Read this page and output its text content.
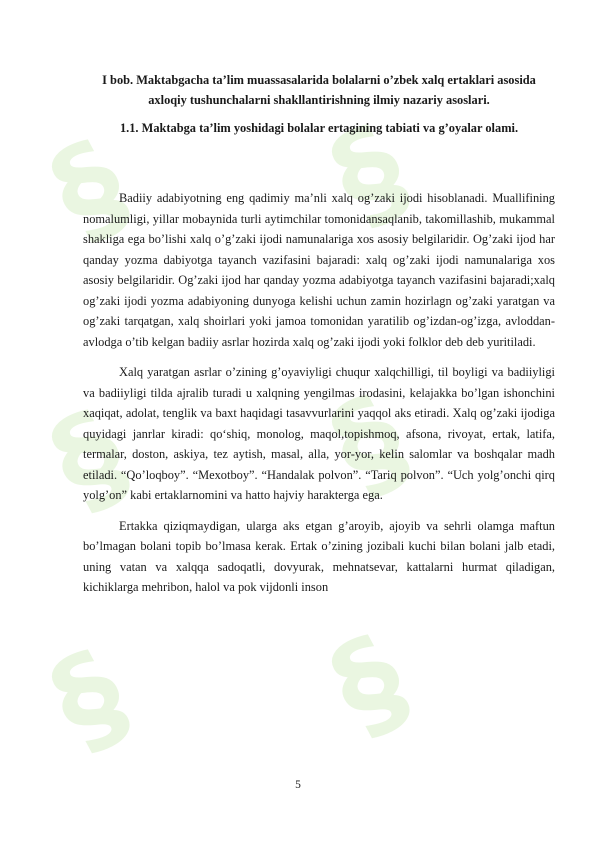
§ §
§ §
§ §

I bob. Maktabgacha ta’lim muassasalarida bolalarni o’zbek xalq ertaklari asosida axloqiy tushunchalarni shakllantirishning ilmiy nazariy asoslari.

1.1. Maktabga ta’lim yoshidagi bolalar ertagining tabiati va g’oyalar olami.

Badiiy adabiyotning eng qadimiy ma’nli xalq og’zaki ijodi hisoblanadi. Muallifining nomalumligi, yillar mobaynida turli aytimchilar tomonidansaqlanib, takomillashib, mukammal shakliga ega bo’lishi xalq o’g’zaki ijodi namunalariga xos asosiy belgilaridir. Og’zaki ijod har qanday yozma dabiyotga tayanch vazifasini bajaradi: xalq og’zaki ijodi namunalariga xos asosiy belgilaridir. Og’zaki ijod har qanday yozma adabiyotga tayanch vazifasini bajaradi;xalq og’zaki ijodi yozma adabiyoning dunyoga kelishi uchun zamin hozirlagn og’zaki yaratgan va og’zaki tarqatgan, xalq shoirlari yoki jamoa tomonidan yaratilib og’izdan-og’izga, avloddan-avlodga o’tib kelgan badiiy asrlar hozirda xalq og’zaki ijodi yoki folklor deb deb yuritiladi.

Xalq yaratgan asrlar o’zining g’oyaviyligi chuqur xalqchilligi, til boyligi va badiiyligi va badiiyligi tilda ajralib turadi u xalqning yengilmas irodasini, kelajakka bo’lgan ishonchini xaqiqat, adolat, tenglik va baxt haqidagi tasavvurlarini yaqqol aks etiradi. Xalq og’zaki ijodiga quyidagi janrlar kiradi: qo‘shiq, monolog, maqol,topishmoq, afsona, rivoyat, ertak, latifa, termalar, doston, askiya, tez aytish, masal, alla, yor-yor, kelin salomlar va boshqalar madh etiladi. “Qo’loqboy”. “Mexotboy”. “Handalak polvon”. “Tariq polvon”. “Uch yolg’onchi qirq yolg’on” kabi ertaklarnomini va hatto hajviy harakterga ega.

Ertakka qiziqmaydigan, ularga aks etgan g’aroyib, ajoyib va sehrli olamga maftun bo’lmagan bolani topib bo’lmasa kerak. Ertak o’zining jozibali kuchi bilan bolani jalb etadi, uning vatan va xalqqa sadoqatli, dovyurak, mehnatsevar, kattalarni hurmat qiladigan, kichiklarga mehribon, halol va pok vijdonli inson

5
